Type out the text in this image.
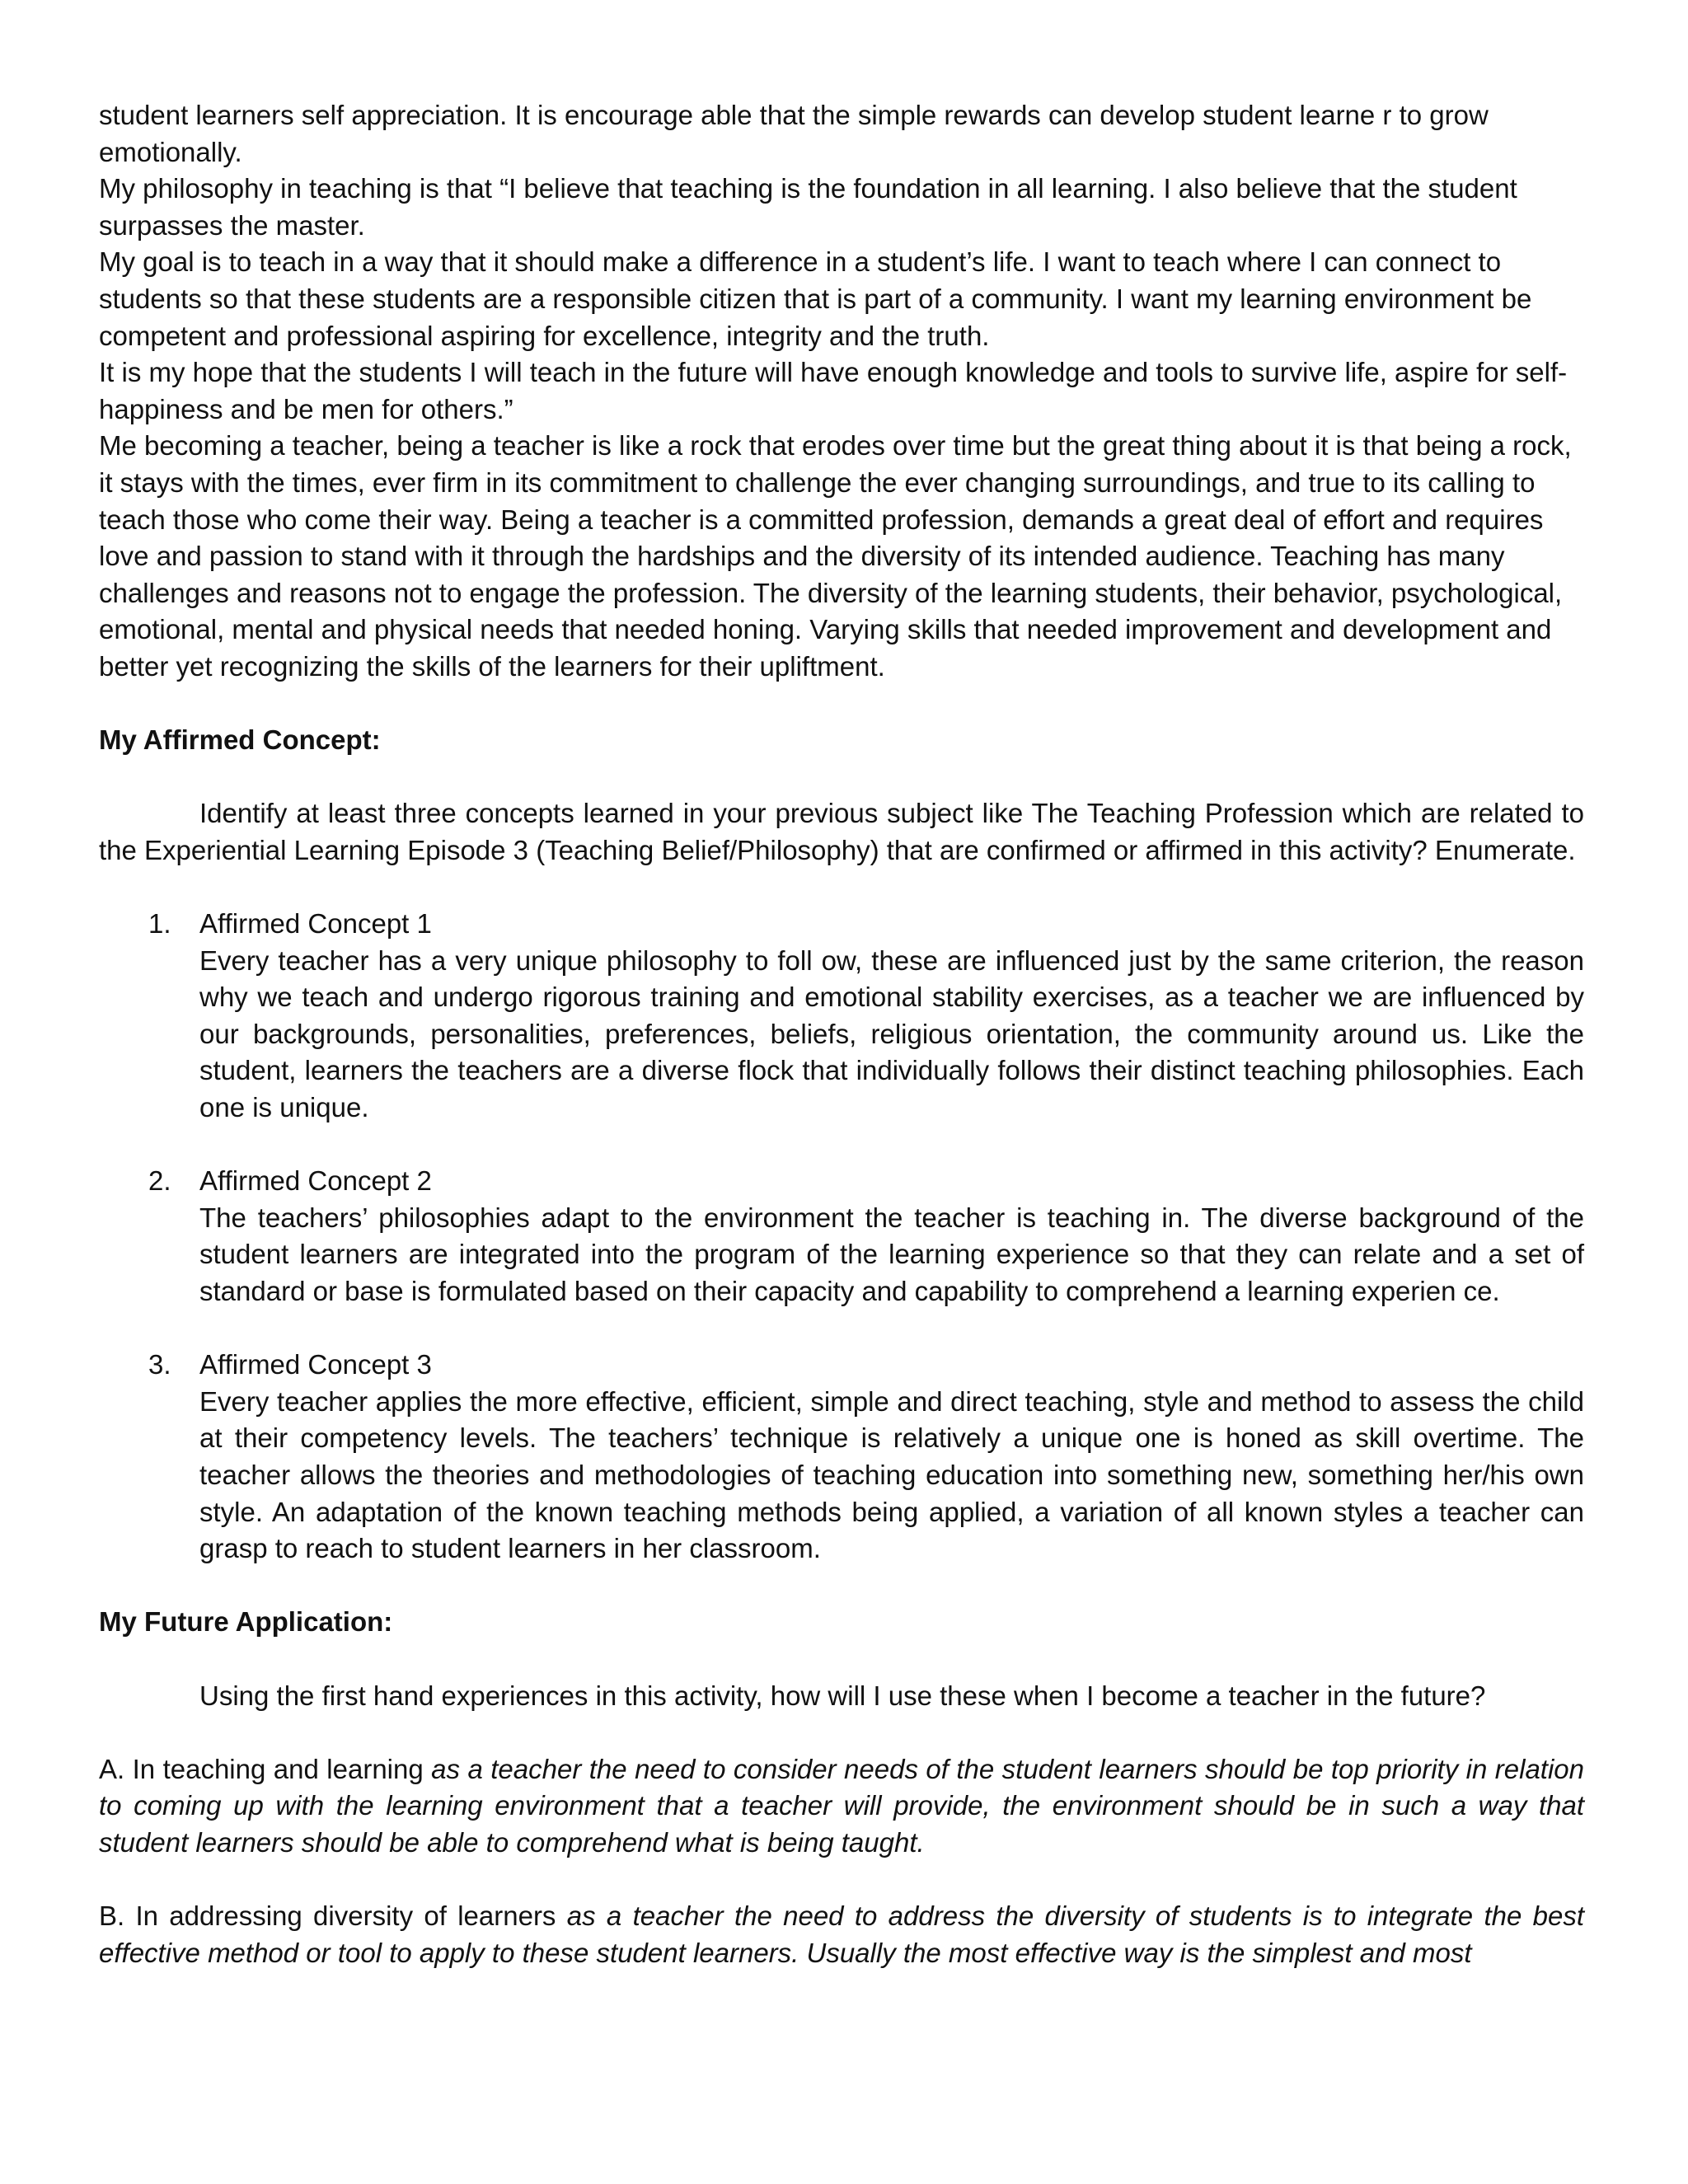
student learners self appreciation. It is encourage able that the simple rewards can develop student learne r to grow emotionally.

My philosophy in teaching is that “I believe that teaching is the foundation in all learning. I also believe that the student surpasses the master.

My goal is to teach in a way that it should make a difference in a student’s life. I want to teach where I can connect to students so that these students are a responsible citizen that is part of a community. I want my learning environment be competent and professional aspiring for excellence, integrity and the truth.

It is my hope that the students I will teach in the future will have enough knowledge and tools to survive life, aspire for self-happiness and be men for others.”

Me becoming a teacher, being a teacher is like a rock that erodes over time but the great thing about it is that being a rock, it stays with the times, ever firm in its commitment to challenge the ever changing surroundings, and true to its calling to teach those who come their way. Being a teacher is a committed profession, demands a great deal of effort and requires love and passion to stand with it through the hardships and the diversity of its intended audience. Teaching has many challenges and reasons not to engage the profession. The diversity of the learning students, their behavior, psychological, emotional, mental and physical needs that needed honing. Varying skills that needed improvement and development and better yet recognizing the skills of the learners for their upliftment.

My Affirmed Concept:

Identify at least three concepts learned in your previous subject like The Teaching Profession which are related to the Experiential Learning Episode 3 (Teaching Belief/Philosophy) that are confirmed or affirmed in this activity? Enumerate.

1. Affirmed Concept 1

Every teacher has a very unique philosophy to foll ow, these are influenced just by the same criterion, the reason why we teach and undergo rigorous training and emotional stability exercises, as a teacher we are influenced by our backgrounds, personalities, preferences, beliefs, religious orientation, the community around us. Like the student, learners the teachers are a diverse flock that individually follows their distinct teaching philosophies. Each one is unique.

2. Affirmed Concept 2

The teachers’ philosophies adapt to the environment the teacher is teaching in. The diverse background of the student learners are integrated into the program of the learning experience so that they can relate and a set of standard or base is formulated based on their capacity and capability to comprehend a learning experien ce.

3. Affirmed Concept 3

Every teacher applies the more effective, efficient, simple and direct teaching, style and method to assess the child at their competency levels. The teachers’ technique is relatively a unique one is honed as skill overtime. The teacher allows the theories and methodologies of teaching education into something new, something her/his own style. An adaptation of the known teaching methods being applied, a variation of all known styles a teacher can grasp to reach to student learners in her classroom.

My Future Application:

Using the first hand experiences in this activity, how will I use these when I become a teacher in the future?

A. In teaching and learning as a teacher the need to consider needs of the student learners should be top priority in relation to coming up with the learning environment that a teacher will provide, the environment should be in such a way that student learners should be able to comprehend what is being taught.

B. In addressing diversity of learners as a teacher the need to address the diversity of students is to integrate the best effective method or tool to apply to these student learners. Usually the most effective way is the simplest and most
